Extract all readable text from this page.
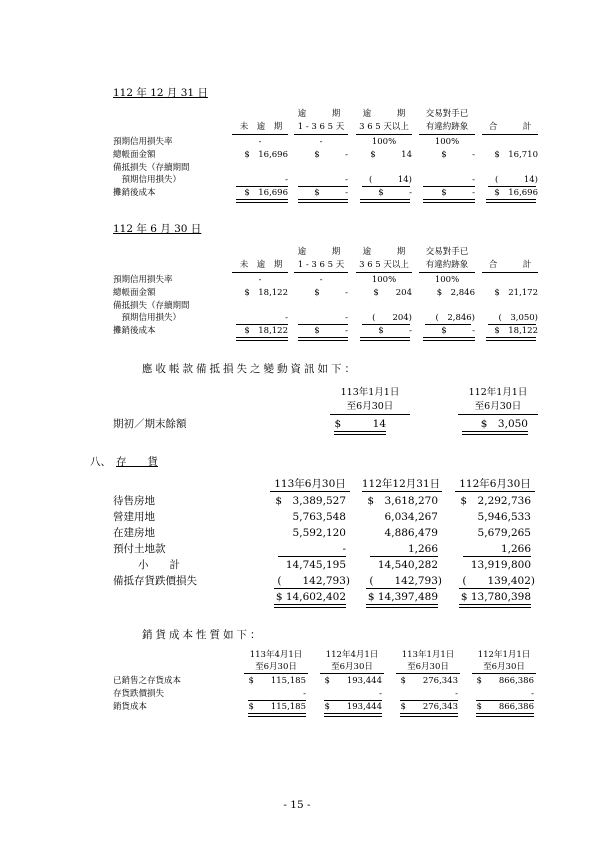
112 年 12 月 31 日
逾　　　期	逾　　　期	交易對手已
未　逾　期	1 - 3 6 5 天	3 6 5 天以上	有違約跡象	合　　　計
預期信用損失率	-	-	100%	100%
總帳面金額	$　16,696	$　　　-	$　　　14	$　　　-	$　16,710
備抵損失（存續期間
　預期信用損失）	-	-	(　　　14)	-	(　　　14)
攤銷後成本	$　16,696	$　　　-	$　　　-	$　　　-	$　16,696
112 年 6 月 30 日
逾　　　期	逾　　　期	交易對手已
未　逾　期	1 - 3 6 5 天	3 6 5 天以上	有違約跡象	合　　　計
預期信用損失率	-	-	100%	100%
總帳面金額	$　18,122	$　　　-	$　　204	$　2,846	$　21,172
備抵損失（存續期間
　預期信用損失）	-	-	(　　204)	(　2,846)	(　3,050)
攤銷後成本	$　18,122	$　　　-	$　　　-	$　　　-	$　18,122
應收帳款備抵損失之變動資訊如下：
113年1月1日
至6月30日
112年1月1日
至6月30日
期初／期末餘額	$　　　14	$　3,050
八、 存　　貨
113年6月30日	112年12月31日	112年6月30日
待售房地	$　3,389,527	$　3,618,270	$　2,292,736
營建用地	5,763,548	6,034,267	5,946,533
在建房地	5,592,120	4,886,479	5,679,265
預付土地款	-	1,266	1,266
小　　計	14,745,195	14,540,282	13,919,800
備抵存貨跌價損失	(　　142,793)	(　　142,793)	(　　139,402)
$ 14,602,402	$ 14,397,489	$ 13,780,398
銷貨成本性質如下：
113年4月1日
至6月30日
112年4月1日
至6月30日
113年1月1日
至6月30日
112年1月1日
至6月30日
已銷售之存貨成本	$　　115,185	$　　193,444	$　　276,343	$　　866,386
存貨跌價損失	-	-	-	-
銷貨成本	$　　115,185	$　　193,444	$　　276,343	$　　866,386
- 15 -
